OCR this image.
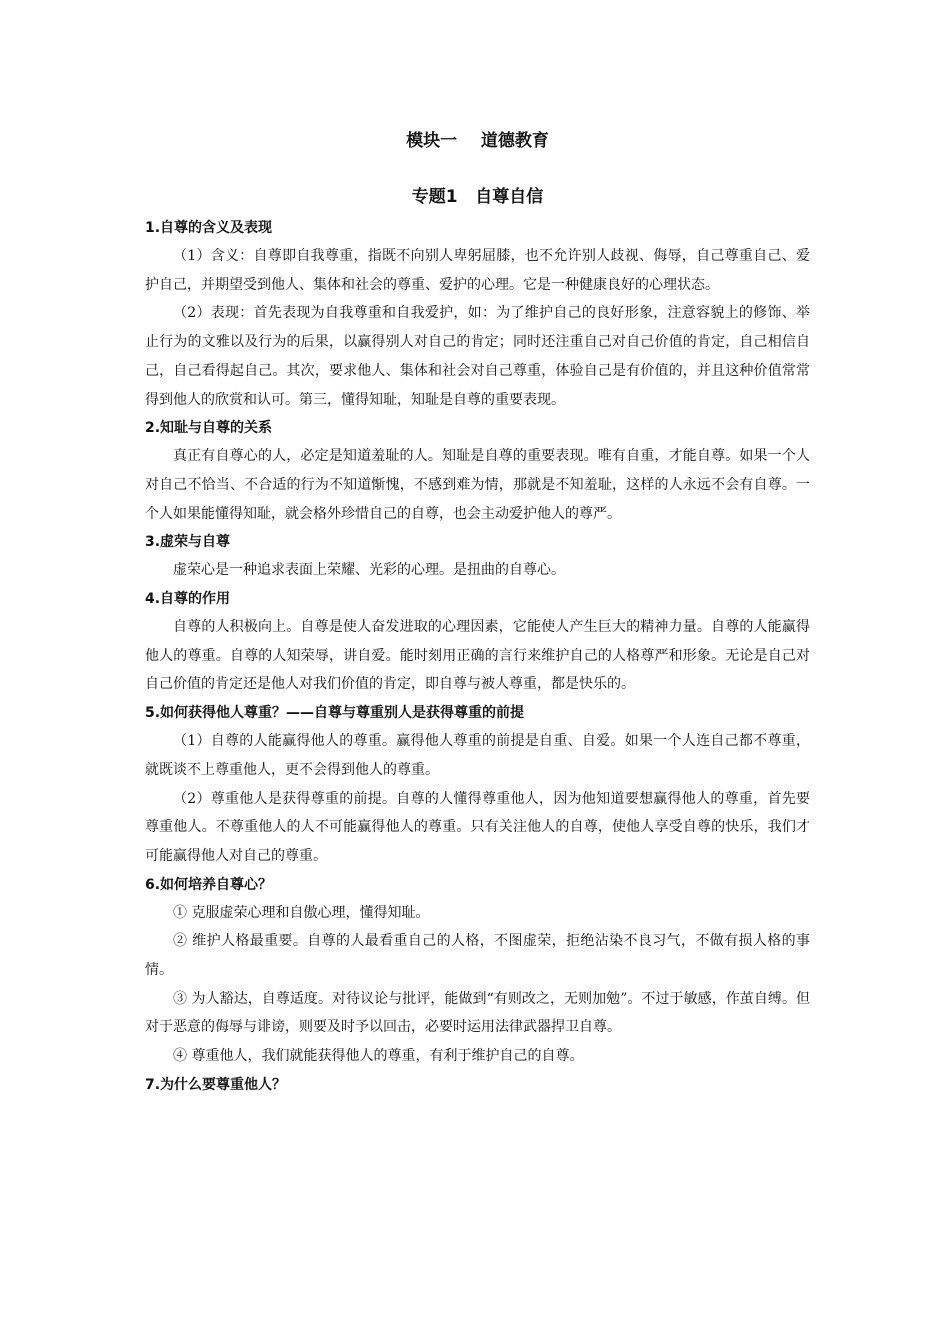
模块一    道德教育
专题1   自尊自信
1.自尊的含义及表现

（1）含义：自尊即自我尊重，指既不向别人卑躬屈膝，也不允许别人歧视、侮辱，自己尊重自己、爱护自己，并期望受到他人、集体和社会的尊重、爱护的心理。它是一种健康良好的心理状态。

（2）表现：首先表现为自我尊重和自我爱护，如：为了维护自己的良好形象，注意容貌上的修饰、举止行为的文雅以及行为的后果，以赢得别人对自己的肯定；同时还注重自己对自己价值的肯定，自己相信自己，自己看得起自己。其次，要求他人、集体和社会对自己尊重，体验自己是有价值的，并且这种价值常常得到他人的欣赏和认可。第三，懂得知耻，知耻是自尊的重要表现。

2.知耻与自尊的关系

真正有自尊心的人，必定是知道羞耻的人。知耻是自尊的重要表现。唯有自重，才能自尊。如果一个人对自己不恰当、不合适的行为不知道惭愧，不感到难为情，那就是不知羞耻，这样的人永远不会有自尊。一个人如果能懂得知耻，就会格外珍惜自己的自尊，也会主动爱护他人的尊严。

3.虚荣与自尊

虚荣心是一种追求表面上荣耀、光彩的心理。是扭曲的自尊心。

4.自尊的作用

自尊的人积极向上。自尊是使人奋发进取的心理因素，它能使人产生巨大的精神力量。自尊的人能赢得他人的尊重。自尊的人知荣辱，讲自爱。能时刻用正确的言行来维护自己的人格尊严和形象。无论是自己对自己价值的肯定还是他人对我们价值的肯定，即自尊与被人尊重，都是快乐的。

5.如何获得他人尊重？——自尊与尊重别人是获得尊重的前提

（1）自尊的人能赢得他人的尊重。赢得他人尊重的前提是自重、自爱。如果一个人连自己都不尊重，就既谈不上尊重他人，更不会得到他人的尊重。

（2）尊重他人是获得尊重的前提。自尊的人懂得尊重他人，因为他知道要想赢得他人的尊重，首先要尊重他人。不尊重他人的人不可能赢得他人的尊重。只有关注他人的自尊，使他人享受自尊的快乐，我们才可能赢得他人对自己的尊重。

6.如何培养自尊心？

① 克服虚荣心理和自傲心理，懂得知耻。

② 维护人格最重要。自尊的人最看重自己的人格，不图虚荣，拒绝沾染不良习气，不做有损人格的事情。

③ 为人豁达，自尊适度。对待议论与批评，能做到“有则改之，无则加勉”。不过于敏感，作茧自缚。但对于恶意的侮辱与诽谤，则要及时予以回击，必要时运用法律武器捍卫自尊。

④ 尊重他人，我们就能获得他人的尊重，有利于维护自己的自尊。

7.为什么要尊重他人？
